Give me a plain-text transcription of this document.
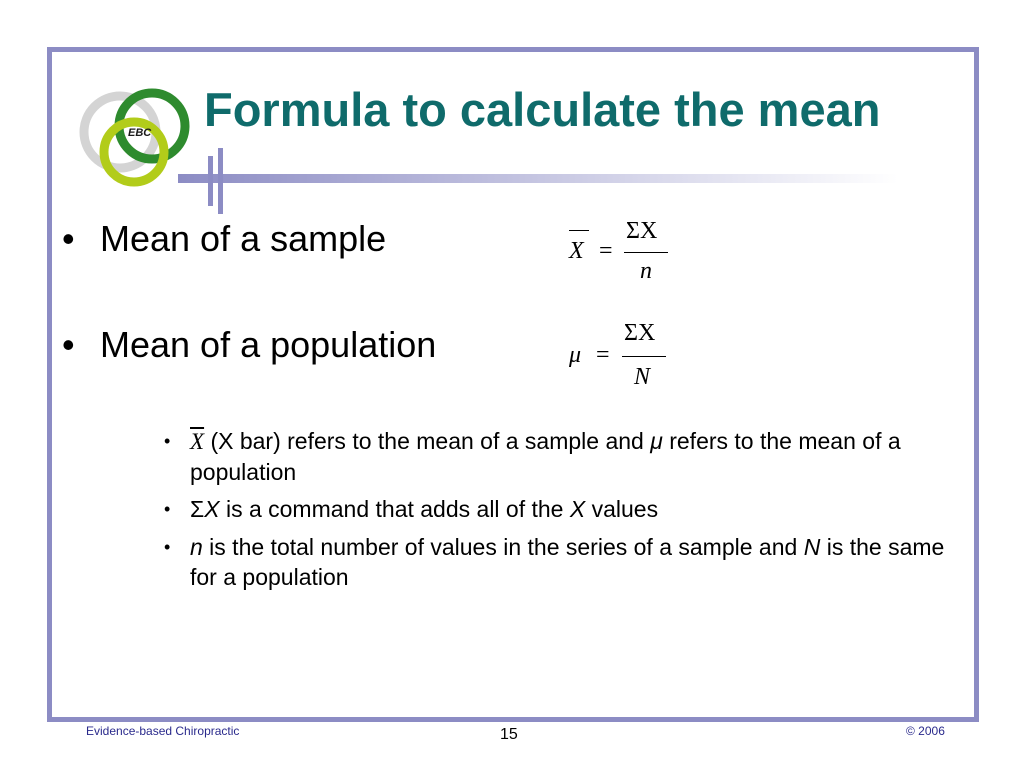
EBC Formula to calculate the mean
• Mean of a sample
• Mean of a population
X =
ΣX
n
μ =
ΣX
N
• $\overline{X}$ (X bar) refers to the mean of a sample and μ refers to the mean of a population
• ΣX is a command that adds all of the X values
• n is the total number of values in the series of a sample and N is the same for a population
Evidence-based Chiropractic	15	© 2006
